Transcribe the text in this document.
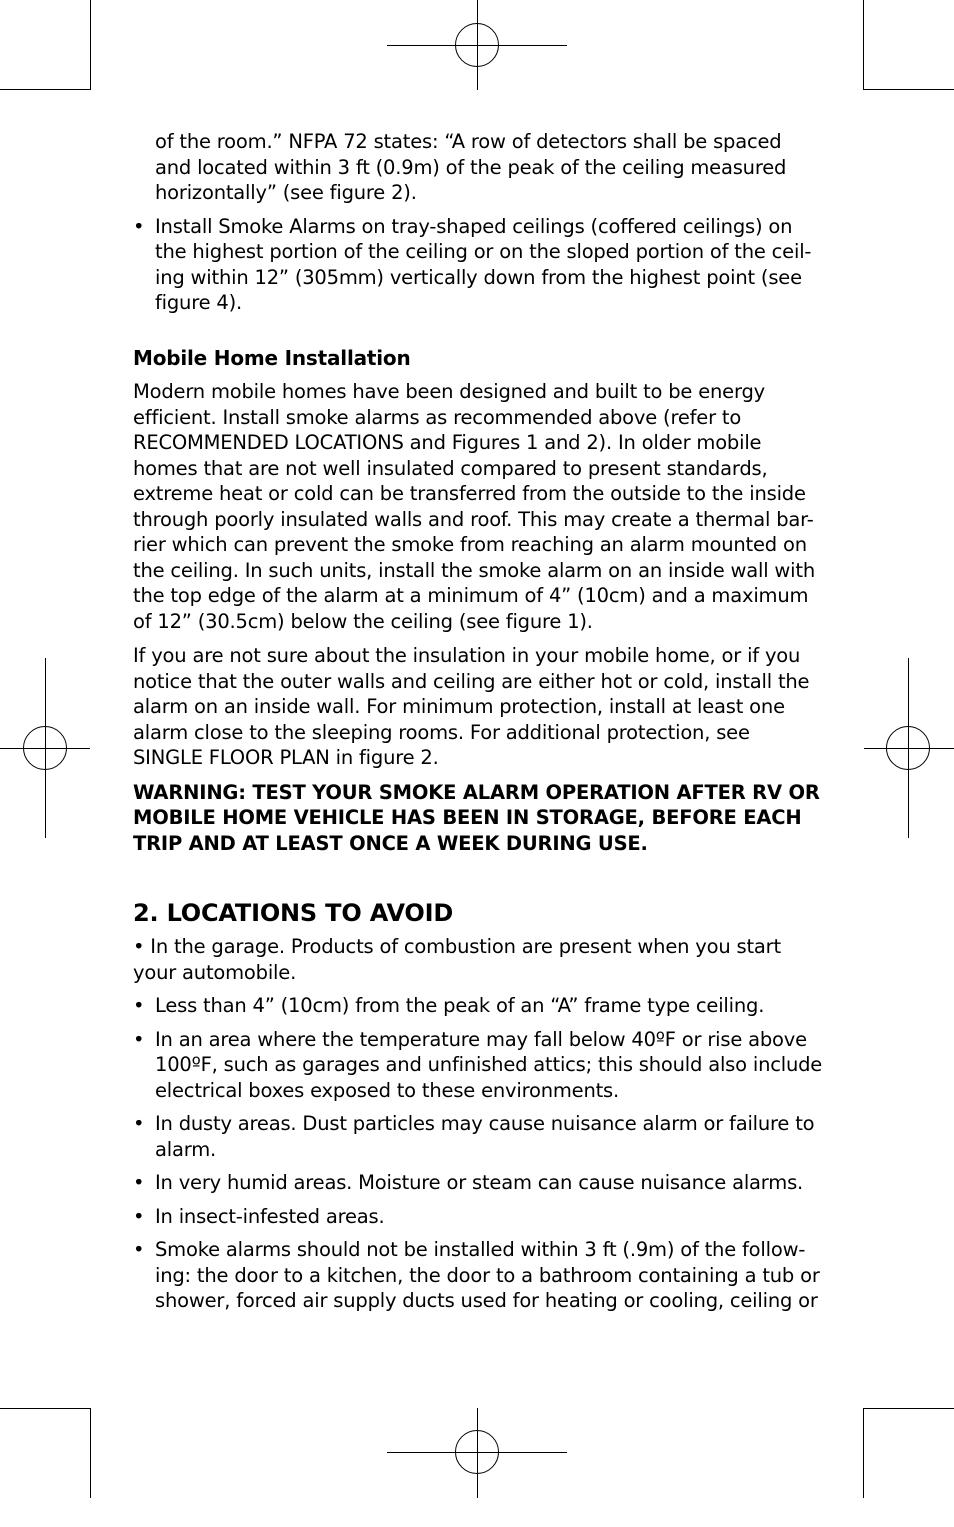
of the room.” NFPA 72 states: “A row of detectors shall be spaced and located within 3 ft (0.9m) of the peak of the ceiling measured horizontally” (see figure 2).

• Install Smoke Alarms on tray-shaped ceilings (coffered ceilings) on the highest portion of the ceiling or on the sloped portion of the ceil-ing within 12” (305mm) vertically down from the highest point (see figure 4).

Mobile Home Installation

Modern mobile homes have been designed and built to be energy efficient. Install smoke alarms as recommended above (refer to RECOMMENDED LOCATIONS and Figures 1 and 2). In older mobile homes that are not well insulated compared to present standards, extreme heat or cold can be transferred from the outside to the inside through poorly insulated walls and roof. This may create a thermal bar-rier which can prevent the smoke from reaching an alarm mounted on the ceiling. In such units, install the smoke alarm on an inside wall with the top edge of the alarm at a minimum of 4” (10cm) and a maximum of 12” (30.5cm) below the ceiling (see figure 1).

If you are not sure about the insulation in your mobile home, or if you notice that the outer walls and ceiling are either hot or cold, install the alarm on an inside wall. For minimum protection, install at least one alarm close to the sleeping rooms. For additional protection, see SINGLE FLOOR PLAN in figure 2.

WARNING: TEST YOUR SMOKE ALARM OPERATION AFTER RV OR MOBILE HOME VEHICLE HAS BEEN IN STORAGE, BEFORE EACH TRIP AND AT LEAST ONCE A WEEK DURING USE.

2. LOCATIONS TO AVOID

• In the garage. Products of combustion are present when you start your automobile.

• Less than 4” (10cm) from the peak of an “A” frame type ceiling.
• In an area where the temperature may fall below 40ºF or rise above 100ºF, such as garages and unfinished attics; this should also include electrical boxes exposed to these environments.
• In dusty areas. Dust particles may cause nuisance alarm or failure to alarm.
• In very humid areas. Moisture or steam can cause nuisance alarms.
• In insect-infested areas.
• Smoke alarms should not be installed within 3 ft (.9m) of the follow-ing: the door to a kitchen, the door to a bathroom containing a tub or shower, forced air supply ducts used for heating or cooling, ceiling or
